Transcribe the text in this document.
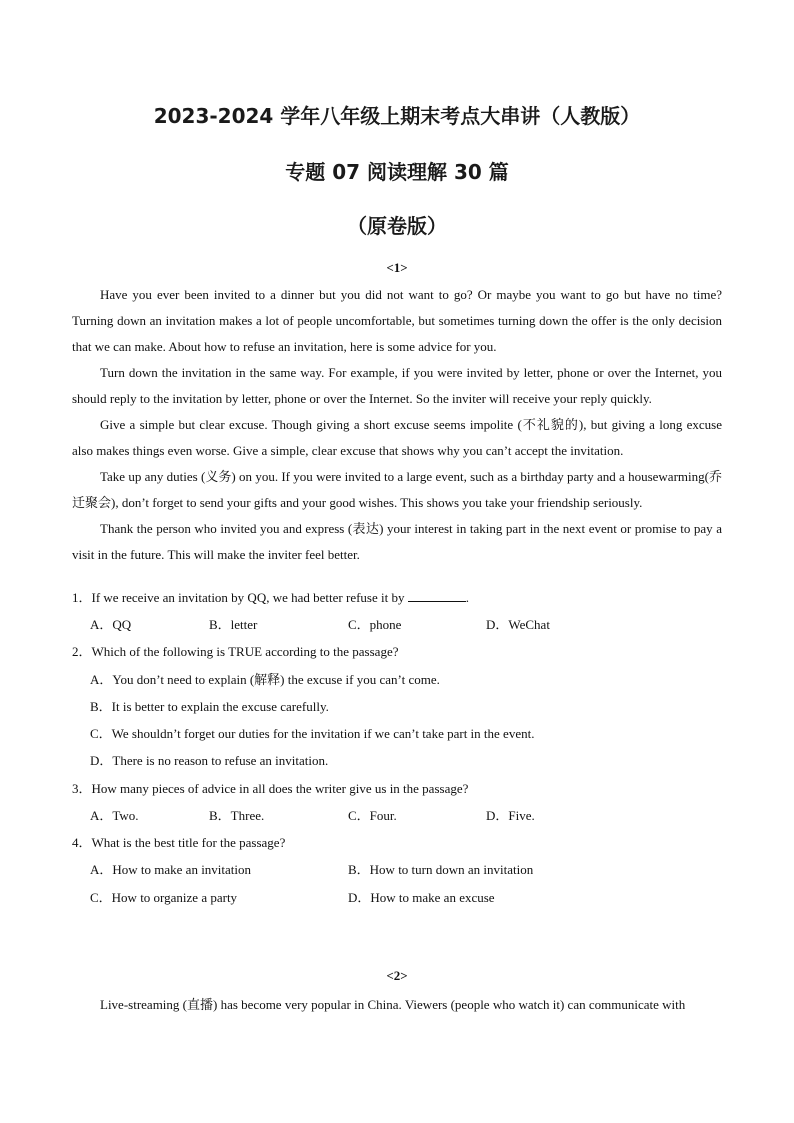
2023-2024 学年八年级上期末考点大串讲（人教版）
专题 07 阅读理解 30 篇
（原卷版）
<1>

Have you ever been invited to a dinner but you did not want to go? Or maybe you want to go but have no time? Turning down an invitation makes a lot of people uncomfortable, but sometimes turning down the offer is the only decision that we can make. About how to refuse an invitation, here is some advice for you.

Turn down the invitation in the same way. For example, if you were invited by letter, phone or over the Internet, you should reply to the invitation by letter, phone or over the Internet. So the inviter will receive your reply quickly.

Give a simple but clear excuse. Though giving a short excuse seems impolite (不礼貌的), but giving a long excuse also makes things even worse. Give a simple, clear excuse that shows why you can’t accept the invitation.

Take up any duties (义务) on you. If you were invited to a large event, such as a birthday party and a housewarming(乔迁聚会), don’t forget to send your gifts and your good wishes. This shows you take your friendship seriously.

Thank the person who invited you and express (表达) your interest in taking part in the next event or promise to pay a visit in the future. This will make the inviter feel better.

1．If we receive an invitation by QQ, we had better refuse it by	.
A．QQ	B．letter	C．phone	D．WeChat
2．Which of the following is TRUE according to the passage?
A．You don’t need to explain (解释) the excuse if you can’t come.
B．It is better to explain the excuse carefully.
C．We shouldn’t forget our duties for the invitation if we can’t take part in the event.
D．There is no reason to refuse an invitation.
3．How many pieces of advice in all does the writer give us in the passage?
A．Two.	B．Three.	C．Four.	D．Five.
4．What is the best title for the passage?
A．How to make an invitation	B．How to turn down an invitation
C．How to organize a party	D．How to make an excuse
<2>

Live-streaming (直播) has become very popular in China. Viewers (people who watch it) can communicate with
